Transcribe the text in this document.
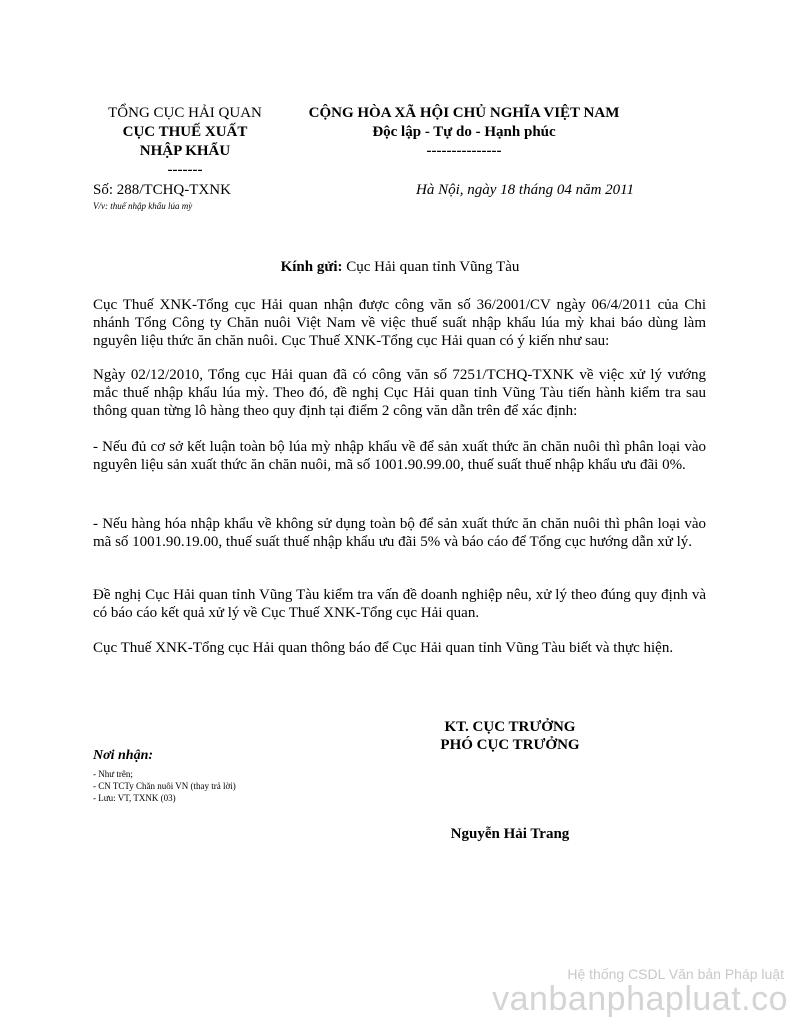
TỔNG CỤC HẢI QUAN
CỤC THUẾ XUẤT
NHẬP KHẨU
-------
CỘNG HÒA XÃ HỘI CHỦ NGHĨA VIỆT NAM
Độc lập - Tự do - Hạnh phúc
---------------
Số: 288/TCHQ-TXNK
V/v: thuế nhập khẩu lúa mỳ
Hà Nội, ngày 18 tháng 04 năm 2011
Kính gửi: Cục Hải quan tỉnh Vũng Tàu
Cục Thuế XNK-Tổng cục Hải quan nhận được công văn số 36/2001/CV ngày 06/4/2011 của Chi nhánh Tổng Công ty Chăn nuôi Việt Nam về việc thuế suất nhập khẩu lúa mỳ khai báo dùng làm nguyên liệu thức ăn chăn nuôi. Cục Thuế XNK-Tổng cục Hải quan có ý kiến như sau:
Ngày 02/12/2010, Tổng cục Hải quan đã có công văn số 7251/TCHQ-TXNK về việc xử lý vướng mắc thuế nhập khẩu lúa mỳ. Theo đó, đề nghị Cục Hải quan tỉnh Vũng Tàu tiến hành kiểm tra sau thông quan từng lô hàng theo quy định tại điểm 2 công văn dẫn trên để xác định:
- Nếu đủ cơ sở kết luận toàn bộ lúa mỳ nhập khẩu về để sản xuất thức ăn chăn nuôi thì phân loại vào nguyên liệu sản xuất thức ăn chăn nuôi, mã số 1001.90.99.00, thuế suất thuế nhập khẩu ưu đãi 0%.
- Nếu hàng hóa nhập khẩu về không sử dụng toàn bộ để sản xuất thức ăn chăn nuôi thì phân loại vào mã số 1001.90.19.00, thuế suất thuế nhập khẩu ưu đãi 5% và báo cáo để Tổng cục hướng dẫn xử lý.
Đề nghị Cục Hải quan tỉnh Vũng Tàu kiểm tra vấn đề doanh nghiệp nêu, xử lý theo đúng quy định và có báo cáo kết quả xử lý về Cục Thuế XNK-Tổng cục Hải quan.
Cục Thuế XNK-Tổng cục Hải quan thông báo để Cục Hải quan tỉnh Vũng Tàu biết và thực hiện.
KT. CỤC TRƯỞNG
PHÓ CỤC TRƯỞNG
Nơi nhận:
- Như trên;
- CN TCTy Chăn nuôi VN (thay trả lời)
- Lưu: VT, TXNK (03)
Nguyễn Hải Trang
Hệ thống CSDL Văn bản Pháp luật
vanbanphapluat.co
